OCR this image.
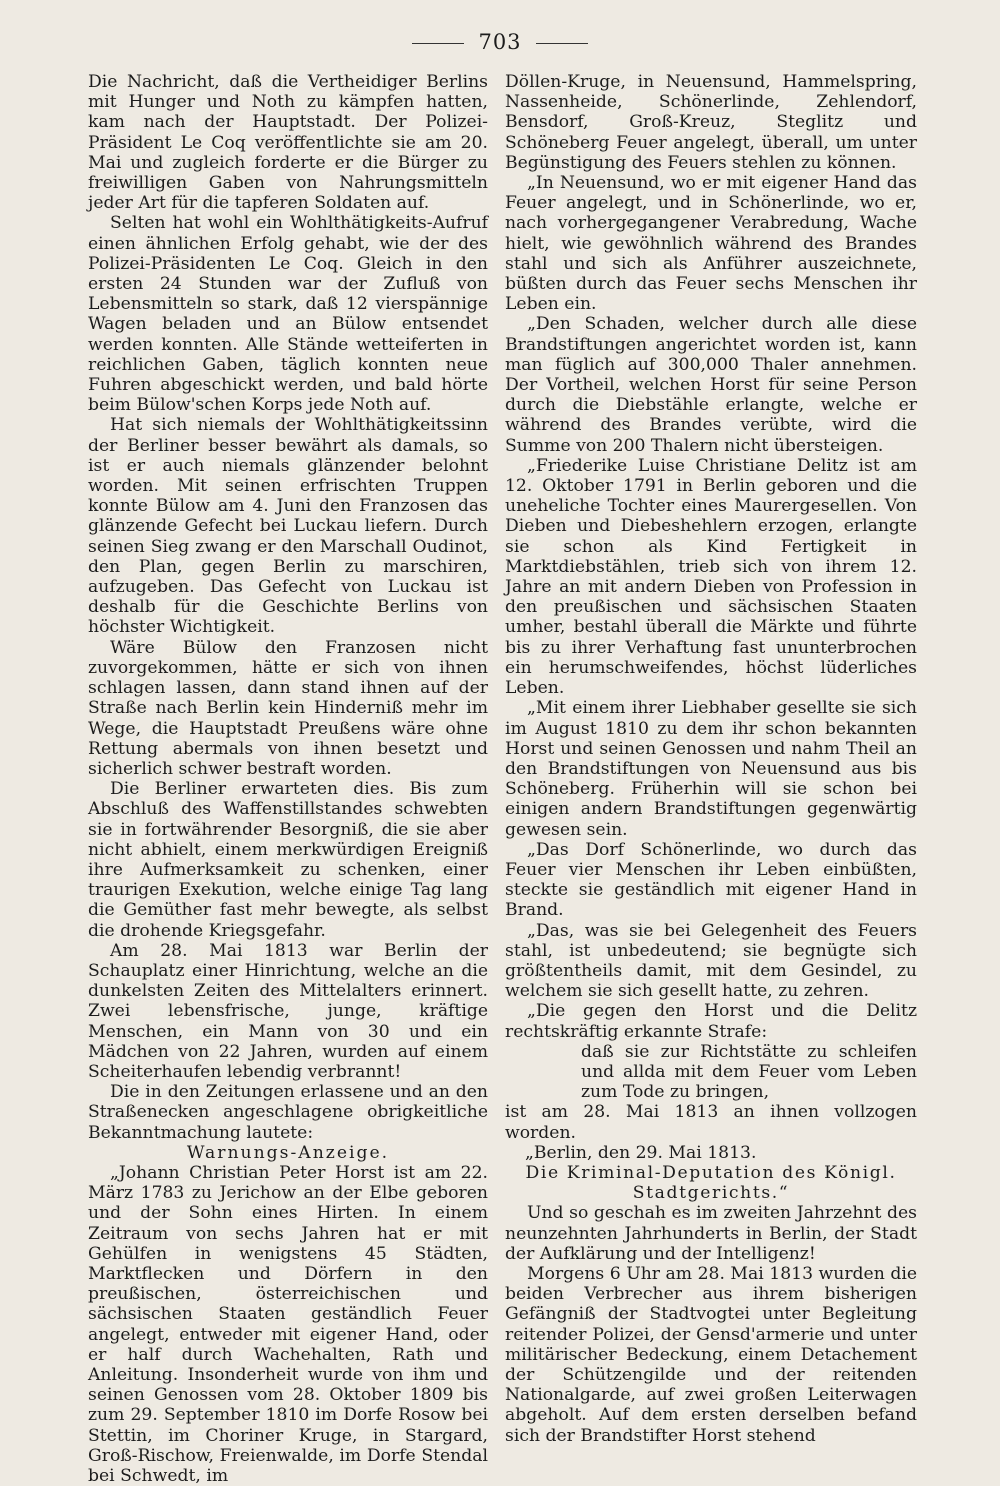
703

Die Nachricht, daß die Vertheidiger Berlins mit Hunger und Noth zu kämpfen hatten, kam nach der Hauptstadt. Der Polizei-Präsident Le Coq veröffentlichte sie am 20. Mai und zugleich forderte er die Bürger zu freiwilligen Gaben von Nahrungsmitteln jeder Art für die tapferen Soldaten auf.

Selten hat wohl ein Wohlthätigkeits-Aufruf einen ähnlichen Erfolg gehabt, wie der des Polizei-Präsidenten Le Coq. Gleich in den ersten 24 Stunden war der Zufluß von Lebensmitteln so stark, daß 12 vierspännige Wagen beladen und an Bülow entsendet werden konnten. Alle Stände wetteiferten in reichlichen Gaben, täglich konnten neue Fuhren abgeschickt werden, und bald hörte beim Bülow'schen Korps jede Noth auf.

Hat sich niemals der Wohlthätigkeitssinn der Berliner besser bewährt als damals, so ist er auch niemals glänzender belohnt worden. Mit seinen erfrischten Truppen konnte Bülow am 4. Juni den Franzosen das glänzende Gefecht bei Luckau liefern. Durch seinen Sieg zwang er den Marschall Oudinot, den Plan, gegen Berlin zu marschiren, aufzugeben. Das Gefecht von Luckau ist deshalb für die Geschichte Berlins von höchster Wichtigkeit.

Wäre Bülow den Franzosen nicht zuvorgekommen, hätte er sich von ihnen schlagen lassen, dann stand ihnen auf der Straße nach Berlin kein Hinderniß mehr im Wege, die Hauptstadt Preußens wäre ohne Rettung abermals von ihnen besetzt und sicherlich schwer bestraft worden.

Die Berliner erwarteten dies. Bis zum Abschluß des Waffenstillstandes schwebten sie in fortwährender Besorgniß, die sie aber nicht abhielt, einem merkwürdigen Ereigniß ihre Aufmerksamkeit zu schenken, einer traurigen Exekution, welche einige Tag lang die Gemüther fast mehr bewegte, als selbst die drohende Kriegsgefahr.

Am 28. Mai 1813 war Berlin der Schauplatz einer Hinrichtung, welche an die dunkelsten Zeiten des Mittelalters erinnert. Zwei lebensfrische, junge, kräftige Menschen, ein Mann von 30 und ein Mädchen von 22 Jahren, wurden auf einem Scheiterhaufen lebendig verbrannt!

Die in den Zeitungen erlassene und an den Straßenecken angeschlagene obrigkeitliche Bekanntmachung lautete:

Warnungs-Anzeige.

„Johann Christian Peter Horst ist am 22. März 1783 zu Jerichow an der Elbe geboren und der Sohn eines Hirten. In einem Zeitraum von sechs Jahren hat er mit Gehülfen in wenigstens 45 Städten, Marktflecken und Dörfern in den preußischen, österreichischen und sächsischen Staaten geständlich Feuer angelegt, entweder mit eigener Hand, oder er half durch Wachehalten, Rath und Anleitung. Insonderheit wurde von ihm und seinen Genossen vom 28. Oktober 1809 bis zum 29. September 1810 im Dorfe Rosow bei Stettin, im Choriner Kruge, in Stargard, Groß-Rischow, Freienwalde, im Dorfe Stendal bei Schwedt, im

Döllen-Kruge, in Neuensund, Hammelspring, Nassenheide, Schönerlinde, Zehlendorf, Bensdorf, Groß-Kreuz, Steglitz und Schöneberg Feuer angelegt, überall, um unter Begünstigung des Feuers stehlen zu können.

„In Neuensund, wo er mit eigener Hand das Feuer angelegt, und in Schönerlinde, wo er, nach vorhergegangener Verabredung, Wache hielt, wie gewöhnlich während des Brandes stahl und sich als Anführer auszeichnete, büßten durch das Feuer sechs Menschen ihr Leben ein.

„Den Schaden, welcher durch alle diese Brandstiftungen angerichtet worden ist, kann man füglich auf 300,000 Thaler annehmen. Der Vortheil, welchen Horst für seine Person durch die Diebstähle erlangte, welche er während des Brandes verübte, wird die Summe von 200 Thalern nicht übersteigen.

„Friederike Luise Christiane Delitz ist am 12. Oktober 1791 in Berlin geboren und die uneheliche Tochter eines Maurergesellen. Von Dieben und Diebeshehlern erzogen, erlangte sie schon als Kind Fertigkeit in Marktdiebstählen, trieb sich von ihrem 12. Jahre an mit andern Dieben von Profession in den preußischen und sächsischen Staaten umher, bestahl überall die Märkte und führte bis zu ihrer Verhaftung fast ununterbrochen ein herumschweifendes, höchst lüderliches Leben.

„Mit einem ihrer Liebhaber gesellte sie sich im August 1810 zu dem ihr schon bekannten Horst und seinen Genossen und nahm Theil an den Brandstiftungen von Neuensund aus bis Schöneberg. Früherhin will sie schon bei einigen andern Brandstiftungen gegenwärtig gewesen sein.

„Das Dorf Schönerlinde, wo durch das Feuer vier Menschen ihr Leben einbüßten, steckte sie geständlich mit eigener Hand in Brand.

„Das, was sie bei Gelegenheit des Feuers stahl, ist unbedeutend; sie begnügte sich größtentheils damit, mit dem Gesindel, zu welchem sie sich gesellt hatte, zu zehren.

„Die gegen den Horst und die Delitz rechtskräftig erkannte Strafe:

daß sie zur Richtstätte zu schleifen und allda mit dem Feuer vom Leben zum Tode zu bringen,

ist am 28. Mai 1813 an ihnen vollzogen worden.

„Berlin, den 29. Mai 1813.

Die Kriminal-Deputation des Königl. Stadtgerichts.“

Und so geschah es im zweiten Jahrzehnt des neunzehnten Jahrhunderts in Berlin, der Stadt der Aufklärung und der Intelligenz!

Morgens 6 Uhr am 28. Mai 1813 wurden die beiden Verbrecher aus ihrem bisherigen Gefängniß der Stadtvogtei unter Begleitung reitender Polizei, der Gensd'armerie und unter militärischer Bedeckung, einem Detachement der Schützengilde und der reitenden Nationalgarde, auf zwei großen Leiterwagen abgeholt. Auf dem ersten derselben befand sich der Brandstifter Horst stehend
